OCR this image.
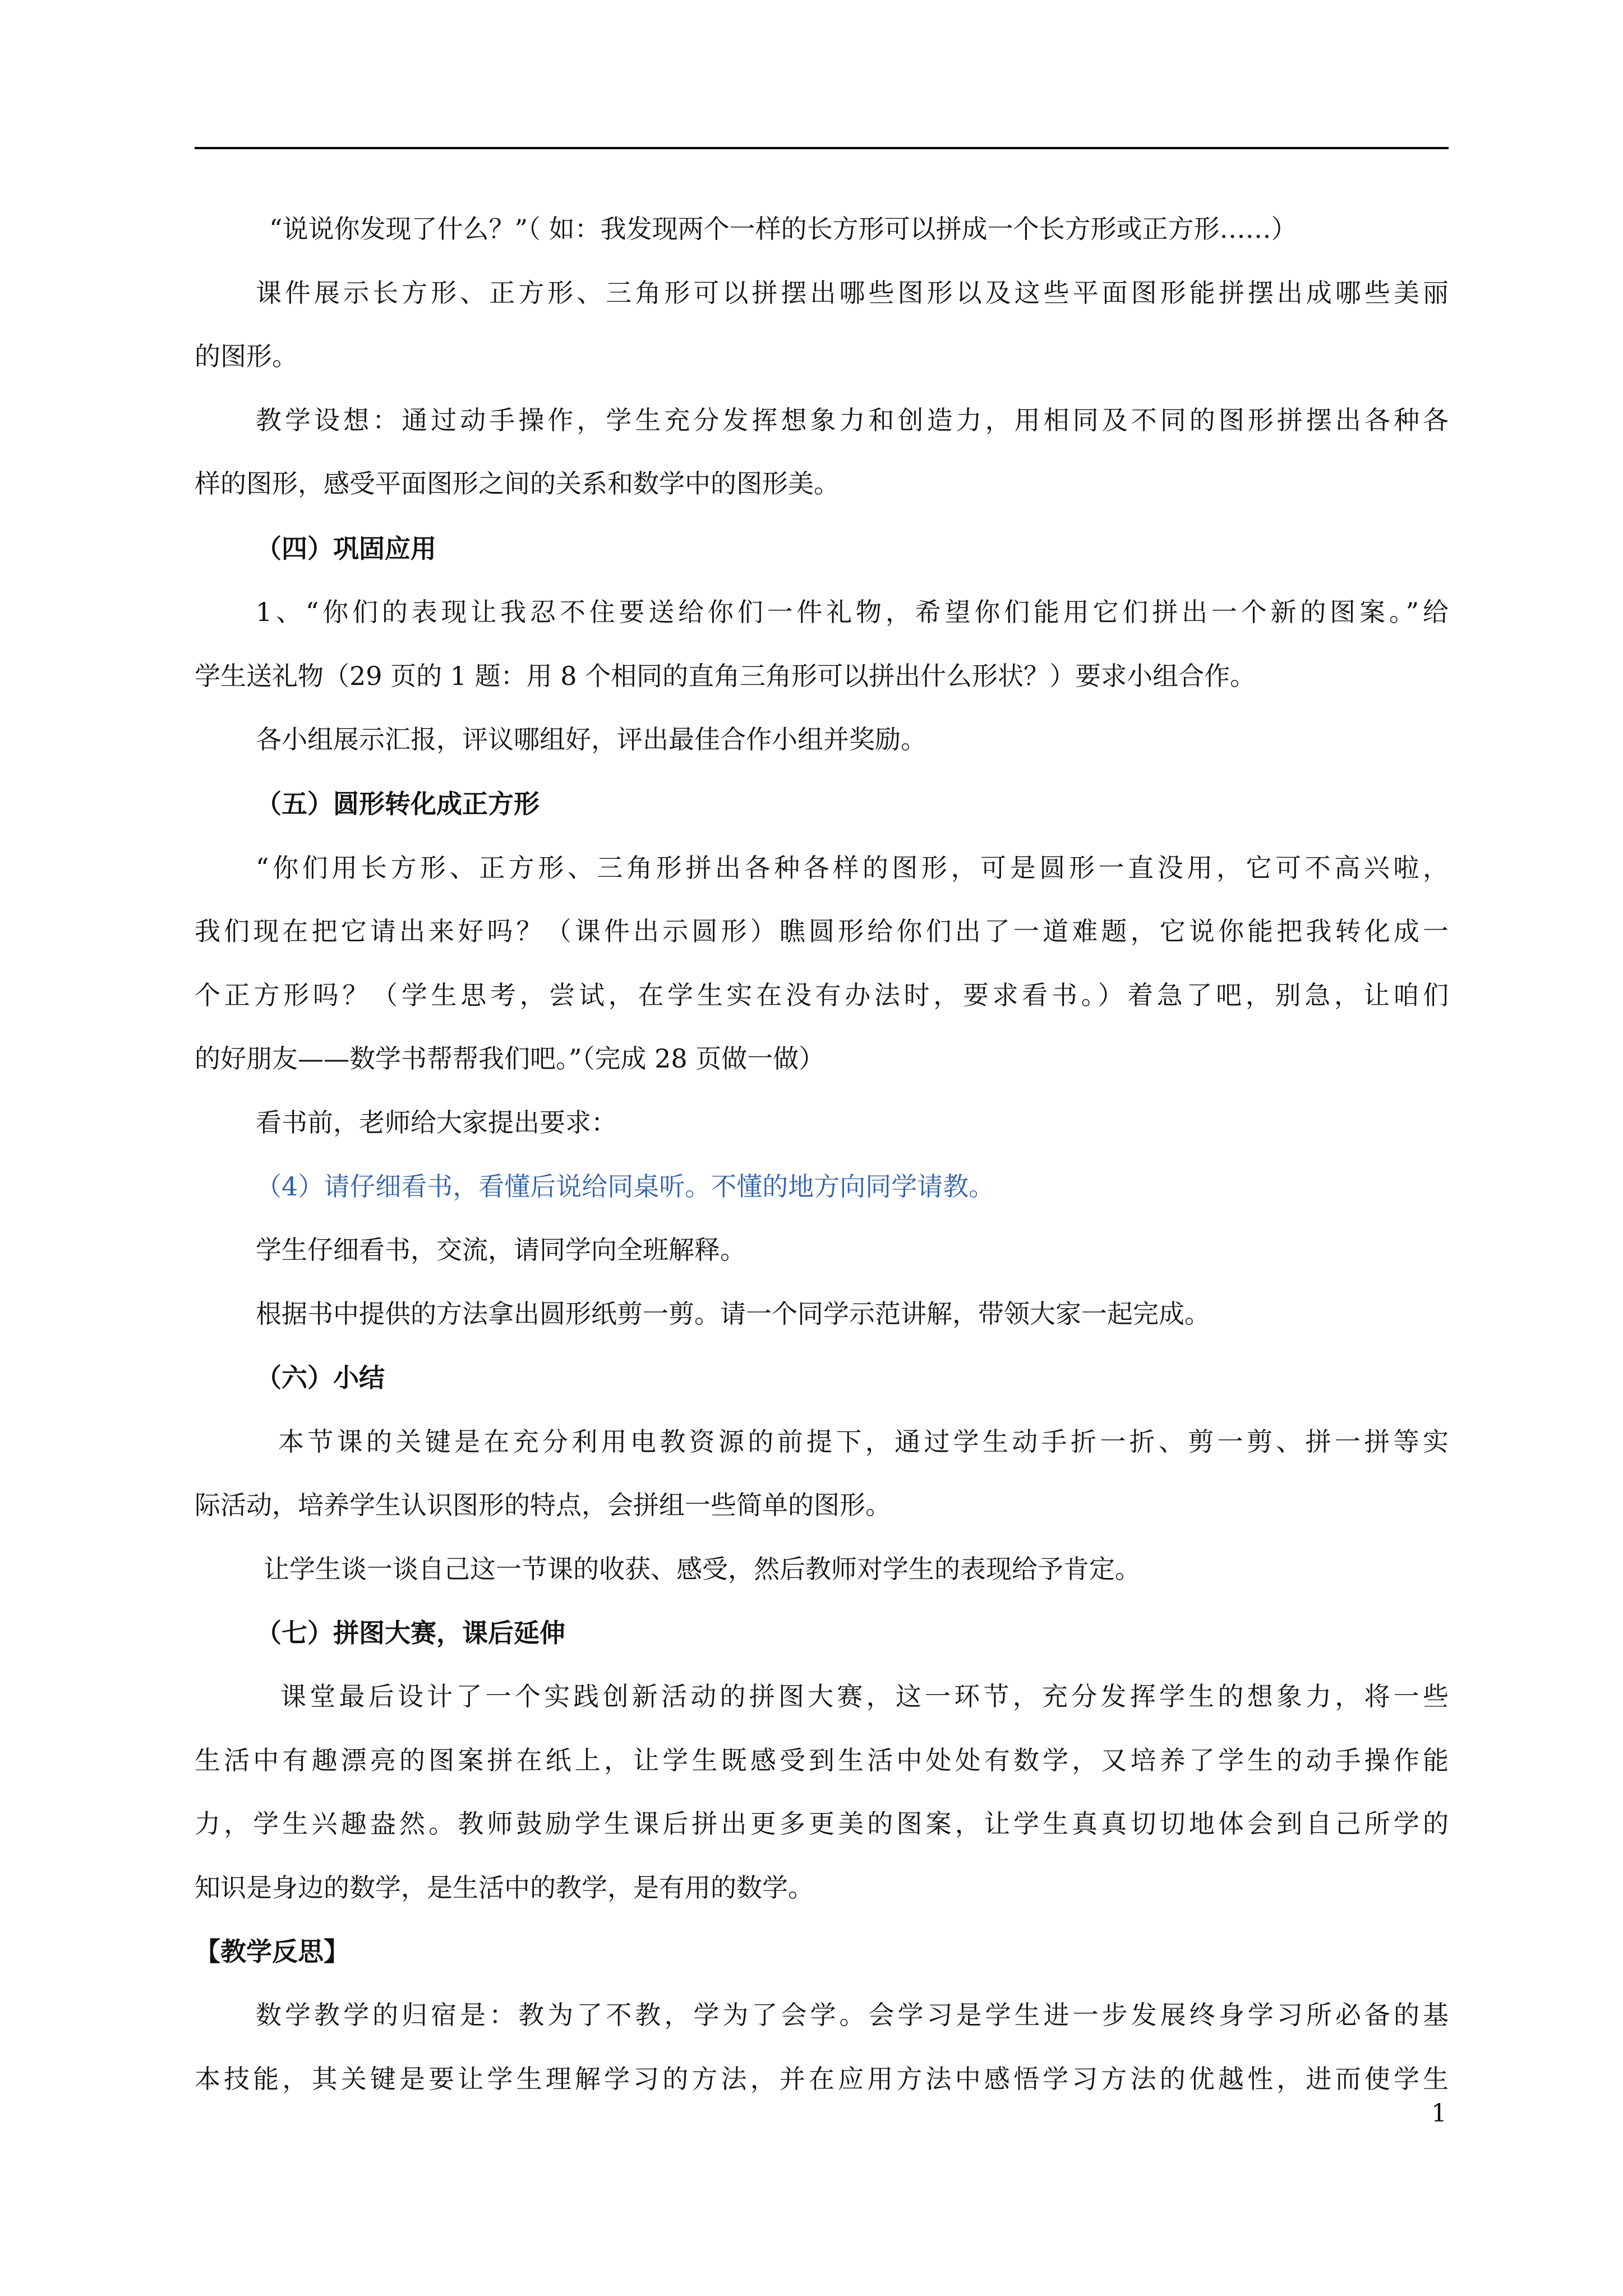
“说说你发现了什么？”（ 如：我发现两个一样的长方形可以拼成一个长方形或正方形……）
课件展示长方形、正方形、三角形可以拼摆出哪些图形以及这些平面图形能拼摆出成哪些美丽
的图形。
教学设想：通过动手操作，学生充分发挥想象力和创造力，用相同及不同的图形拼摆出各种各
样的图形，感受平面图形之间的关系和数学中的图形美。
（四）巩固应用
1、“你们的表现让我忍不住要送给你们一件礼物，希望你们能用它们拼出一个新的图案。”给
学生送礼物（29 页的 1 题：用 8 个相同的直角三角形可以拼出什么形状？）要求小组合作。
各小组展示汇报，评议哪组好，评出最佳合作小组并奖励。
（五）圆形转化成正方形
“你们用长方形、正方形、三角形拼出各种各样的图形，可是圆形一直没用，它可不高兴啦，
我们现在把它请出来好吗？（课件出示圆形）瞧圆形给你们出了一道难题，它说你能把我转化成一
个正方形吗？（学生思考，尝试，在学生实在没有办法时，要求看书。）着急了吧，别急，让咱们
的好朋友——数学书帮帮我们吧。”（完成 28 页做一做）
看书前，老师给大家提出要求：
（4）请仔细看书，看懂后说给同桌听。不懂的地方向同学请教。
学生仔细看书，交流，请同学向全班解释。
根据书中提供的方法拿出圆形纸剪一剪。请一个同学示范讲解，带领大家一起完成。
（六）小结
本节课的关键是在充分利用电教资源的前提下，通过学生动手折一折、剪一剪、拼一拼等实
际活动，培养学生认识图形的特点，会拼组一些简单的图形。
让学生谈一谈自己这一节课的收获、感受，然后教师对学生的表现给予肯定。
（七）拼图大赛，课后延伸
课堂最后设计了一个实践创新活动的拼图大赛，这一环节，充分发挥学生的想象力，将一些
生活中有趣漂亮的图案拼在纸上，让学生既感受到生活中处处有数学，又培养了学生的动手操作能
力，学生兴趣盎然。教师鼓励学生课后拼出更多更美的图案，让学生真真切切地体会到自己所学的
知识是身边的数学，是生活中的教学，是有用的数学。
【教学反思】
数学教学的归宿是：教为了不教，学为了会学。会学习是学生进一步发展终身学习所必备的基
本技能，其关键是要让学生理解学习的方法，并在应用方法中感悟学习方法的优越性，进而使学生
1
